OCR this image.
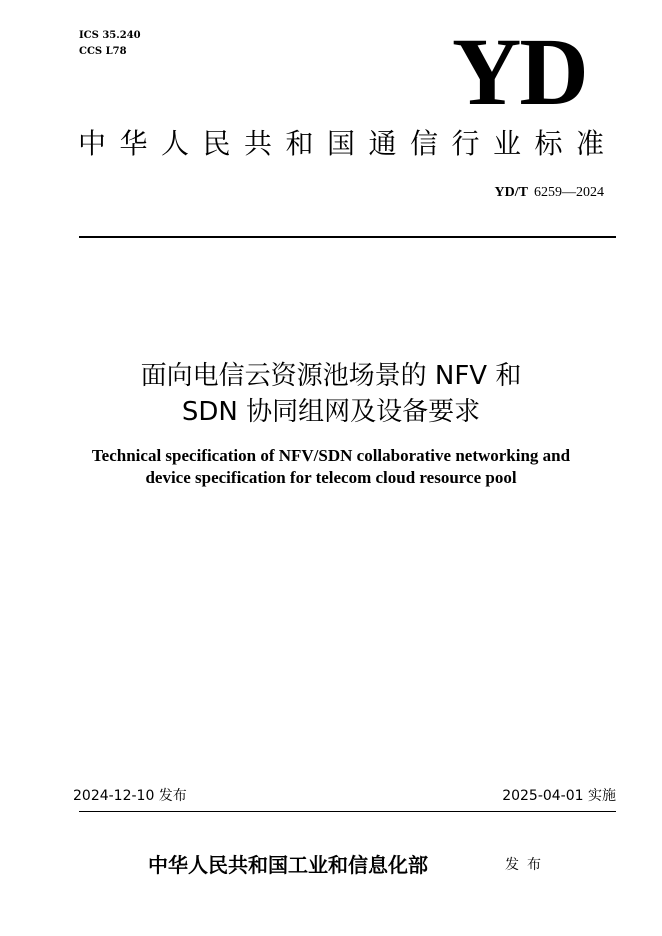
ICS 35.240
CCS L78	YD
中华人民共和国通信行业标准
YD/T 6259—2024
面向电信云资源池场景的 NFV 和
SDN 协同组网及设备要求
Technical specification of NFV/SDN collaborative networking and
device specification for telecom cloud resource pool
2024-12-10 发布	2025-04-01 实施
中华人民共和国工业和信息化部	发布
